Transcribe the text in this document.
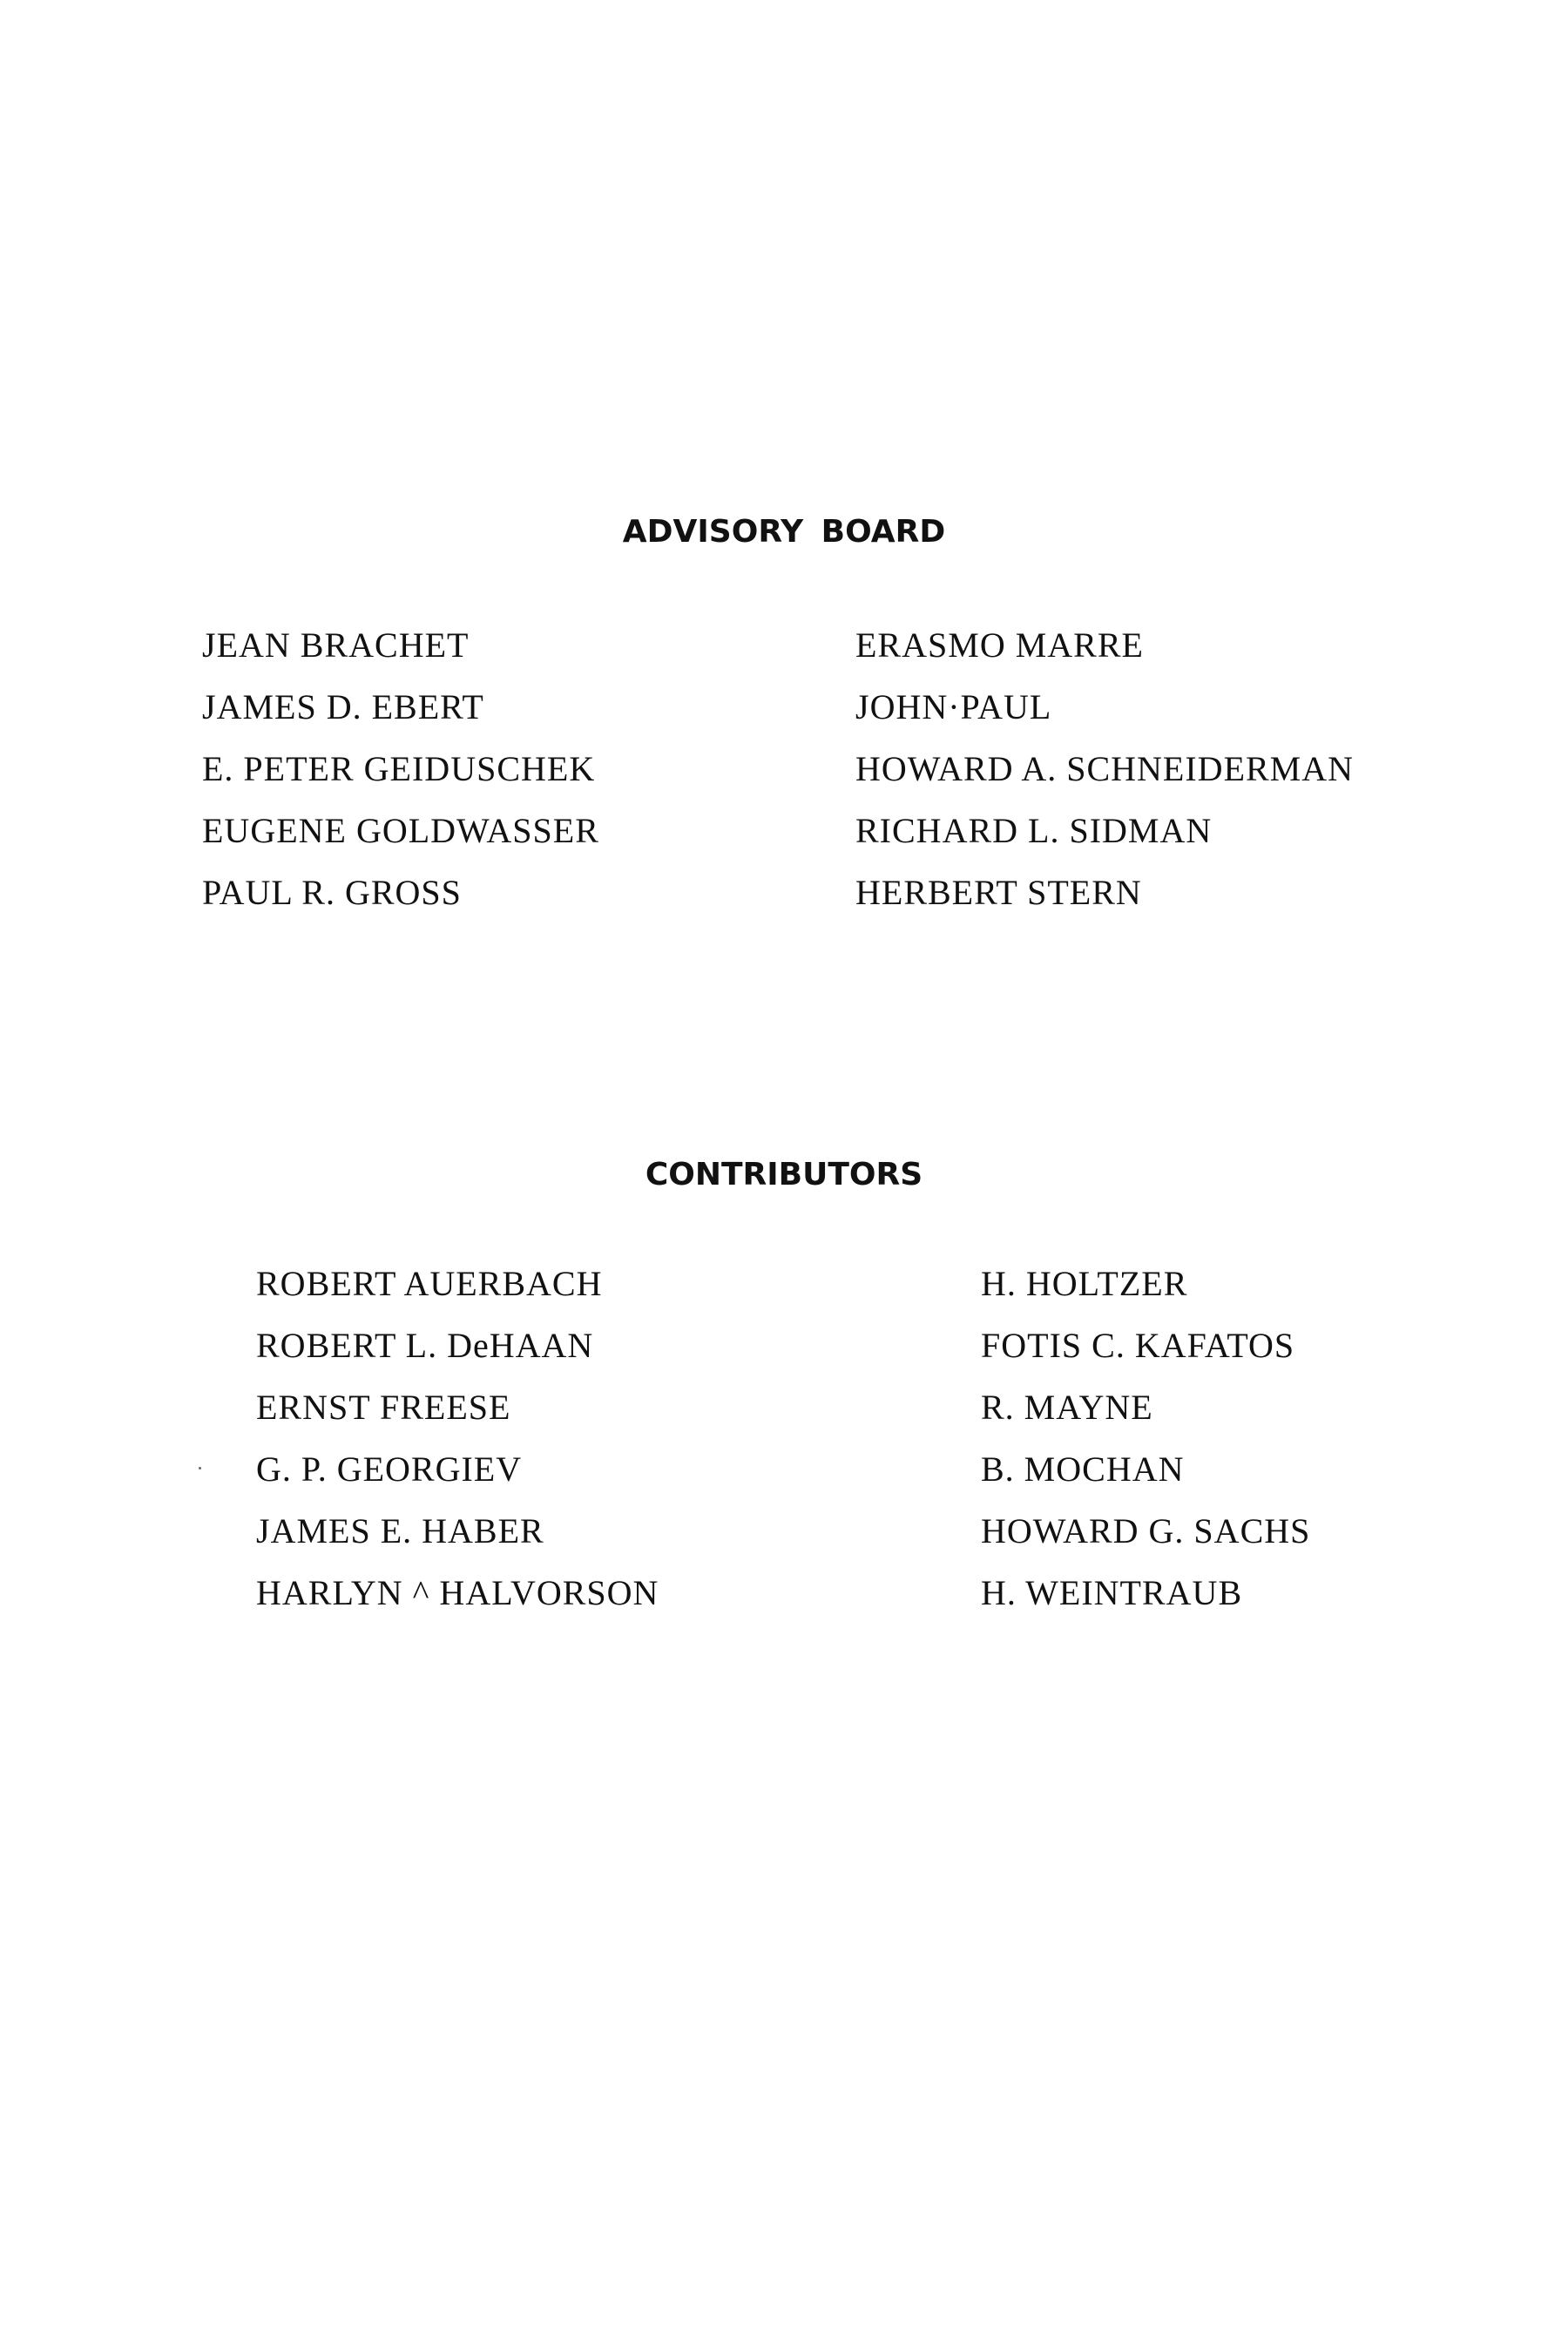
ADVISORY BOARD
JEAN BRACHET
JAMES D. EBERT
E. PETER GEIDUSCHEK
EUGENE GOLDWASSER
PAUL R. GROSS
ERASMO MARRE
JOHN·PAUL
HOWARD A. SCHNEIDERMAN
RICHARD L. SIDMAN
HERBERT STERN
CONTRIBUTORS
ROBERT AUERBACH
ROBERT L. DeHAAN
ERNST FREESE
G. P. GEORGIEV
JAMES E. HABER
HARLYN ^ HALVORSON
H. HOLTZER
FOTIS C. KAFATOS
R. MAYNE
B. MOCHAN
HOWARD G. SACHS
H. WEINTRAUB
